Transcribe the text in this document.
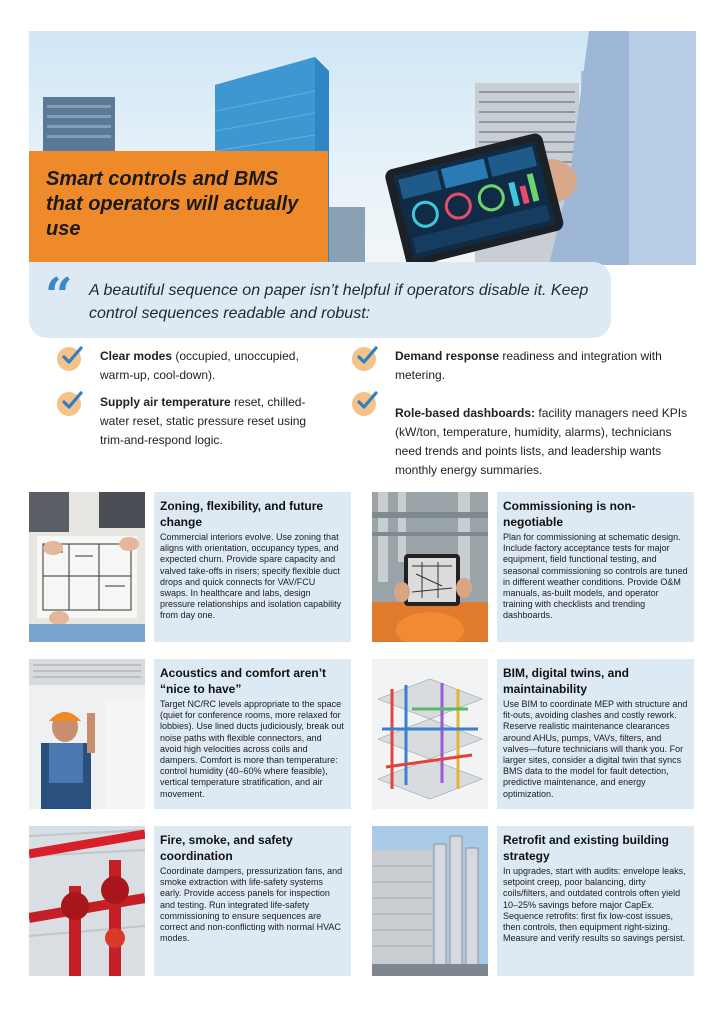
Smart controls and BMS that operators will actually use
“ A beautiful sequence on paper isn’t helpful if operators disable it. Keep control sequences readable and robust:

Clear modes (occupied, unoccupied, warm-up, cool-down).

Supply air temperature reset, chilled-water reset, static pressure reset using trim-and-respond logic.

Demand response readiness and integration with metering.

Role-based dashboards: facility managers need KPIs (kW/ton, temperature, humidity, alarms), technicians need trends and points lists, and leadership wants monthly energy summaries.

Zoning, flexibility, and future change

Commercial interiors evolve. Use zoning that aligns with orientation, occupancy types, and expected churn. Provide spare capacity and valved take-offs in risers; specify flexible duct drops and quick connects for VAV/FCU swaps. In healthcare and labs, design pressure relationships and isolation capability from day one.

Commissioning is non-negotiable

Plan for commissioning at schematic design. Include factory acceptance tests for major equipment, field functional testing, and seasonal commissioning so controls are tuned in different weather conditions. Provide O&M manuals, as-built models, and operator training with checklists and trending dashboards.

Acoustics and comfort aren’t “nice to have”

Target NC/RC levels appropriate to the space (quiet for conference rooms, more relaxed for lobbies). Use lined ducts judiciously, break out noise paths with flexible connectors, and avoid high velocities across coils and dampers. Comfort is more than temperature: control humidity (40–60% where feasible), vertical temperature stratification, and air movement.

BIM, digital twins, and maintainability

Use BIM to coordinate MEP with structure and fit-outs, avoiding clashes and costly rework. Reserve realistic maintenance clearances around AHUs, pumps, VAVs, filters, and valves—future technicians will thank you. For larger sites, consider a digital twin that syncs BMS data to the model for fault detection, predictive maintenance, and energy optimization.

Fire, smoke, and safety coordination

Coordinate dampers, pressurization fans, and smoke extraction with life-safety systems early. Provide access panels for inspection and testing. Run integrated life-safety commissioning to ensure sequences are correct and non-conflicting with normal HVAC modes.

Retrofit and existing building strategy

In upgrades, start with audits: envelope leaks, setpoint creep, poor balancing, dirty coils/filters, and outdated controls often yield 10–25% savings before major CapEx. Sequence retrofits: first fix low-cost issues, then controls, then equipment right-sizing. Measure and verify results so savings persist.
